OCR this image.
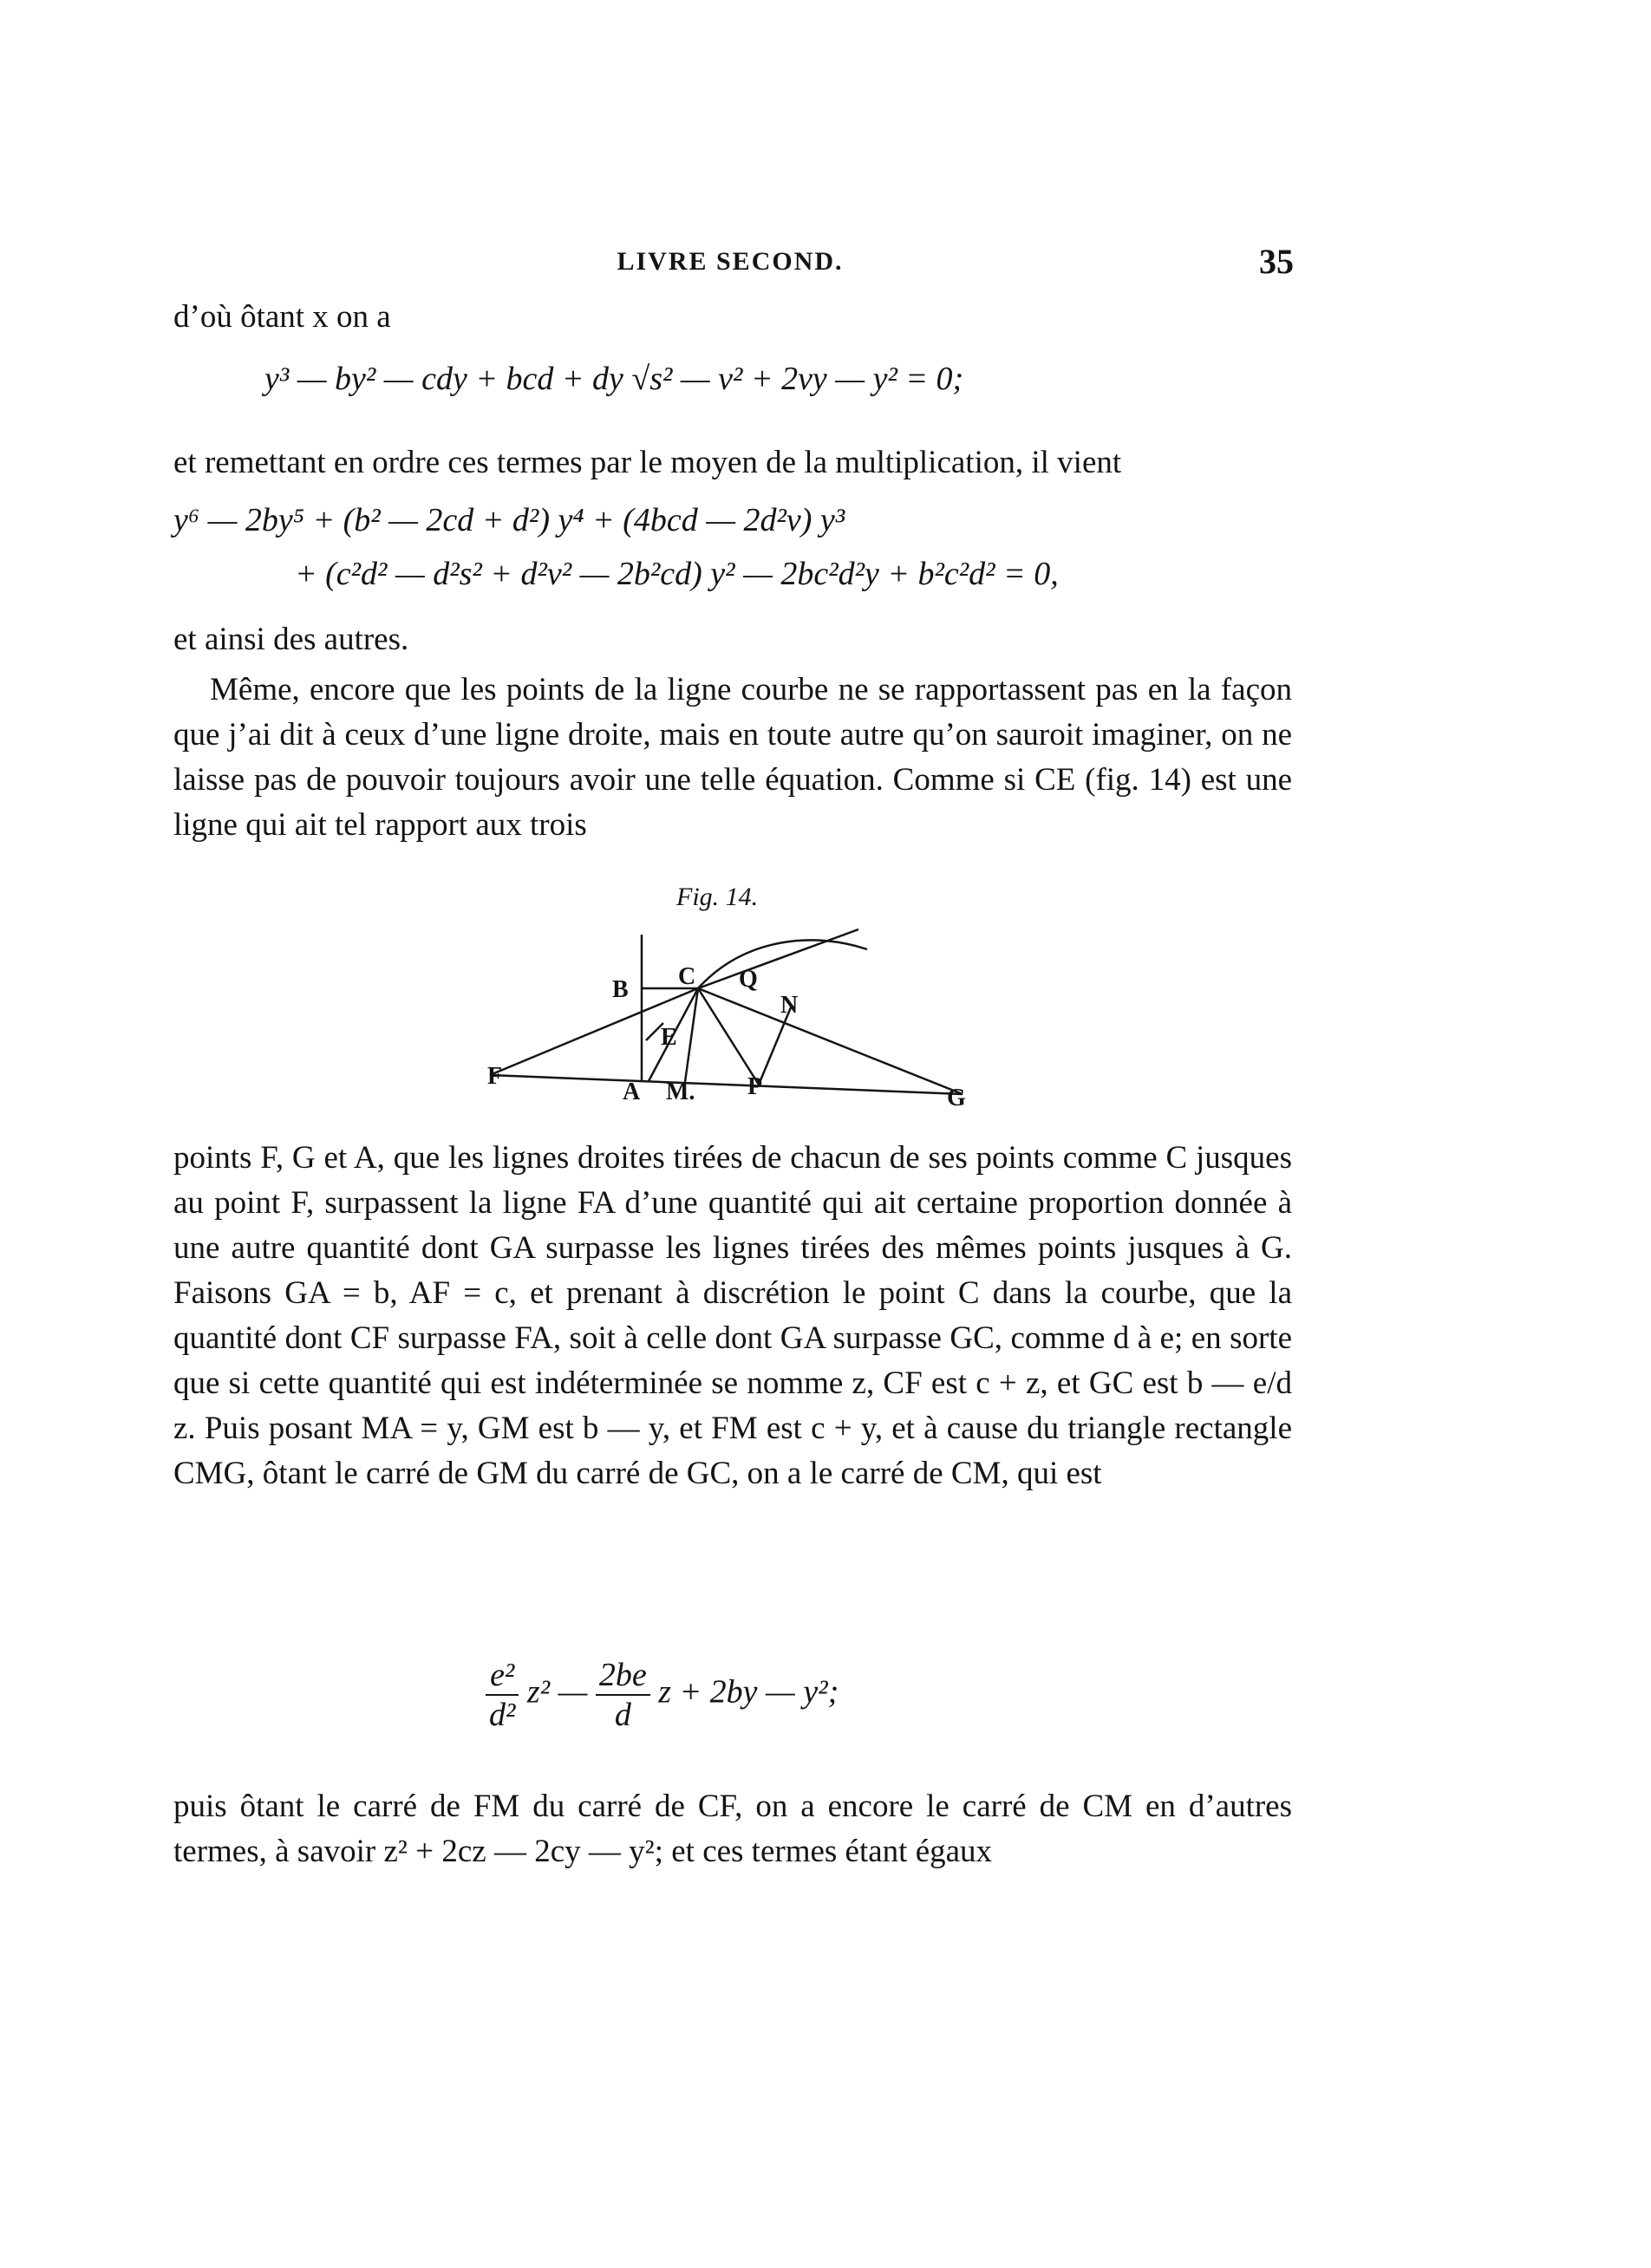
LIVRE SECOND.	35

d’où ôtant x on a

y³ — by² — cdy + bcd + dy √s² — v² + 2vy — y² = 0;

et remettant en ordre ces termes par le moyen de la multiplication, il vient

y⁶ — 2by⁵ + (b² — 2cd + d²) y⁴ + (4bcd — 2d²v) y³
+ (c²d² — d²s² + d²v² — 2b²cd) y² — 2bc²d²y + b²c²d² = 0,

et ainsi des autres.

Même, encore que les points de la ligne courbe ne se rapportassent pas en la façon que j’ai dit à ceux d’une ligne droite, mais en toute autre qu’on sauroit imaginer, on ne laisse pas de pouvoir toujours avoir une telle équation. Comme si CE (fig. 14) est une ligne qui ait tel rapport aux trois

Fig. 14.
B C
E
Q
N
F
A M. P	G

points F, G et A, que les lignes droites tirées de chacun de ses points comme C jusques au point F, surpassent la ligne FA d’une quantité qui ait certaine proportion donnée à une autre quantité dont GA surpasse les lignes tirées des mêmes points jusques à G. Faisons GA = b, AF = c, et prenant à discrétion le point C dans la courbe, que la quantité dont CF surpasse FA, soit à celle dont GA surpasse GC, comme d à e; en sorte que si cette quantité qui est indéterminée se nomme z, CF est c + z, et GC est b — e/d z. Puis posant MA = y, GM est b — y, et FM est c + y, et à cause du triangle rectangle CMG, ôtant le carré de GM du carré de GC, on a le carré de CM, qui est

$\frac{\text{e²}}{\text{d²}} z^2$ — $\frac{2be}{d}$ z + 2by — y²;

puis ôtant le carré de FM du carré de CF, on a encore le carré de CM en d’autres termes, à savoir z² + 2cz — 2cy — y²; et ces termes étant égaux
